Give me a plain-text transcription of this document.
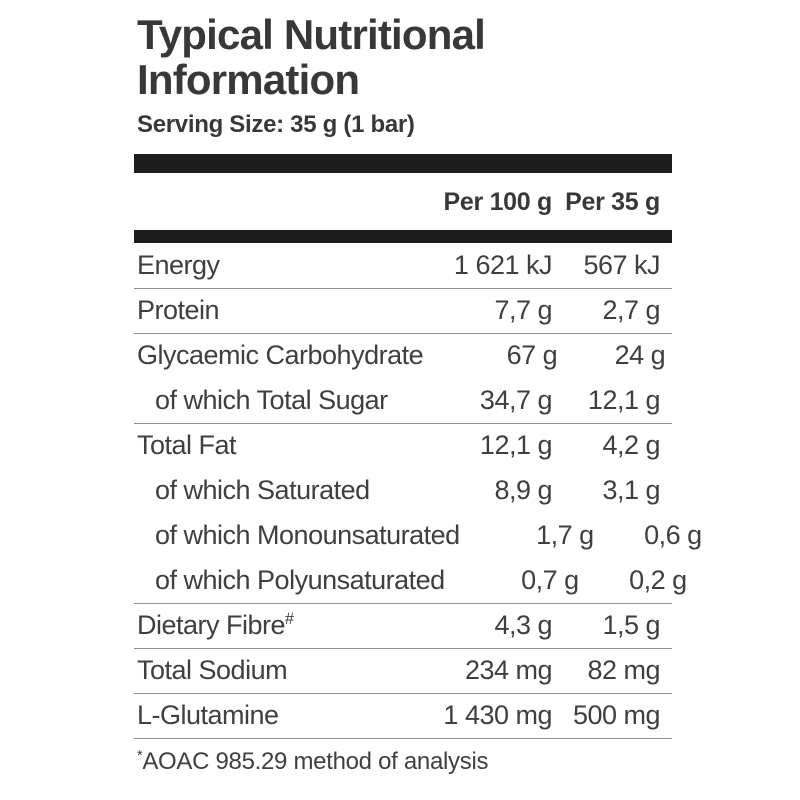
Typical Nutritional Information

Serving Size: 35 g (1 bar)

Per 100 g Per 35 g
Energy	1 621 kJ	567 kJ
Protein	7,7 g	2,7 g
Glycaemic Carbohydrate	67 g	24 g
of which Total Sugar	34,7 g	12,1 g
Total Fat	12,1 g	4,2 g
of which Saturated	8,9 g	3,1 g
of which Monounsaturated	1,7 g	0,6 g
of which Polyunsaturated	0,7 g	0,2 g
Dietary Fibre#	4,3 g	1,5 g
Total Sodium	234 mg	82 mg
L-Glutamine	1 430 mg 500 mg

*AOAC 985.29 method of analysis
